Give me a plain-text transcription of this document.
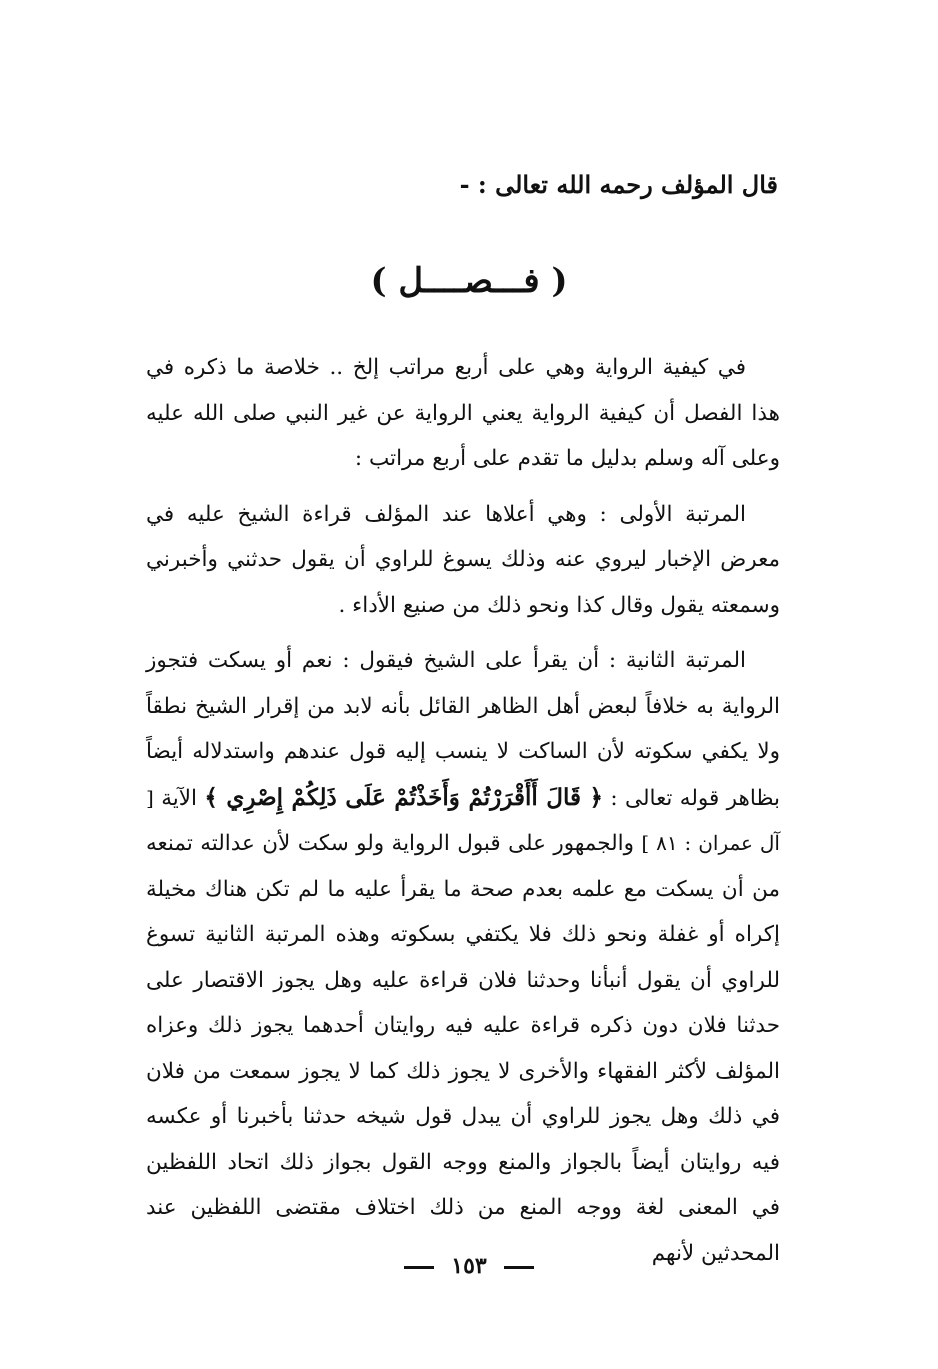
قال المؤلف رحمه الله تعالى : -
( فـــصــــل )

في كيفية الرواية وهي على أربع مراتب إلخ .. خلاصة ما ذكره في هذا الفصل أن كيفية الرواية يعني الرواية عن غير النبي صلى الله عليه وعلى آله وسلم بدليل ما تقدم على أربع مراتب :

المرتبة الأولى : وهي أعلاها عند المؤلف قراءة الشيخ عليه في معرض الإخبار ليروي عنه وذلك يسوغ للراوي أن يقول حدثني وأخبرني وسمعته يقول وقال كذا ونحو ذلك من صنيع الأداء .

المرتبة الثانية : أن يقرأ على الشيخ فيقول : نعم أو يسكت فتجوز الرواية به خلافاً لبعض أهل الظاهر القائل بأنه لابد من إقرار الشيخ نطقاً ولا يكفي سكوته لأن الساكت لا ينسب إليه قول عندهم واستدلاله أيضاً بظاهر قوله تعالى : ﴿ قَالَ أَأَقْرَرْتُمْ وَأَخَذْتُمْ عَلَى ذَلِكُمْ إِصْرِي ﴾ الآية [ آل عمران : ٨١ ] والجمهور على قبول الرواية ولو سكت لأن عدالته تمنعه من أن يسكت مع علمه بعدم صحة ما يقرأ عليه ما لم تكن هناك مخيلة إكراه أو غفلة ونحو ذلك فلا يكتفي بسكوته وهذه المرتبة الثانية تسوغ للراوي أن يقول أنبأنا وحدثنا فلان قراءة عليه وهل يجوز الاقتصار على حدثنا فلان دون ذكره قراءة عليه فيه روايتان أحدهما يجوز ذلك وعزاه المؤلف لأكثر الفقهاء والأخرى لا يجوز ذلك كما لا يجوز سمعت من فلان في ذلك وهل يجوز للراوي أن يبدل قول شيخه حدثنا بأخبرنا أو عكسه فيه روايتان أيضاً بالجواز والمنع ووجه القول بجواز ذلك اتحاد اللفظين في المعنى لغة ووجه المنع من ذلك اختلاف مقتضى اللفظين عند المحدثين لأنهم

١٥٣
